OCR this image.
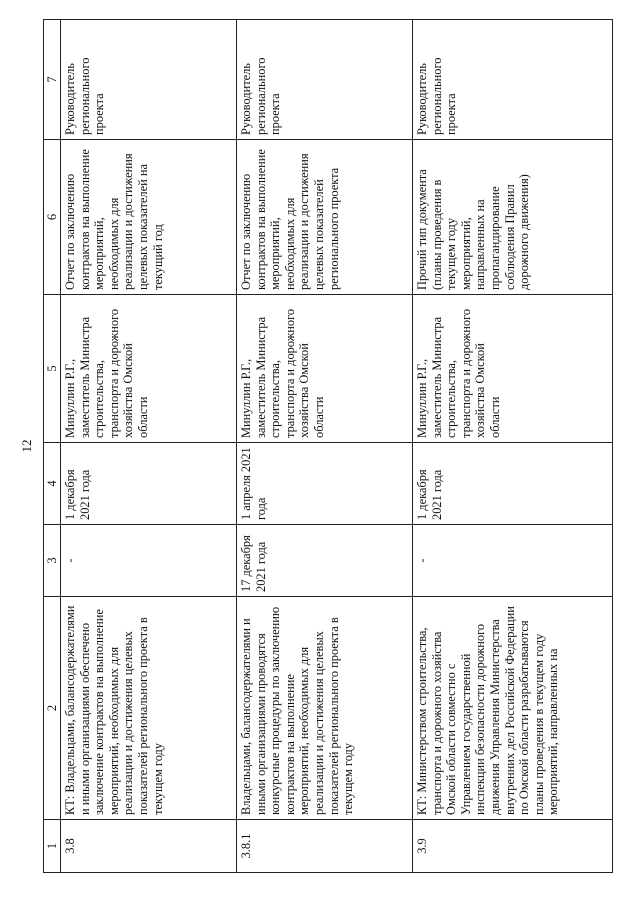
12
1	2	3	4	5	6	7
3.8	КТ: Владельцами, балансодержателями и иными организациями обеспечено заключение контрактов на выполнение мероприятий, необходимых для реализации и достижения целевых показателей регионального проекта в текущем году	-	1 декабря 2021 года	Минуллин Р.Г., заместитель Министра строительства, транспорта и дорожного хозяйства Омской области	Отчет по заключению контрактов на выполнение мероприятий, необходимых для реализации и достижения целевых показателей на текущий год	Руководитель регионального проекта
3.8.1	Владельцами, балансодержателями и иными организациями проводятся конкурсные процедуры по заключению контрактов на выполнение мероприятий, необходимых для реализации и достижения целевых показателей регионального проекта в текущем году	17 декабря 2021 года	1 апреля 2021 года	Минуллин Р.Г., заместитель Министра строительства, транспорта и дорожного хозяйства Омской области	Отчет по заключению контрактов на выполнение мероприятий, необходимых для реализации и достижения целевых показателей регионального проекта	Руководитель регионального проекта
3.9	КТ: Министерством строительства, транспорта и дорожного хозяйства Омской области совместно с Управлением государственной инспекции безопасности дорожного движения Управления Министерства внутренних дел Российской Федерации по Омской области разрабатываются планы проведения в текущем году мероприятий, направленных на	-	1 декабря 2021 года	Минуллин Р.Г., заместитель Министра строительства, транспорта и дорожного хозяйства Омской области	Прочий тип документа (планы проведения в текущем году мероприятий, направленных на пропагандирование соблюдения Правил дорожного движения)	Руководитель регионального проекта
